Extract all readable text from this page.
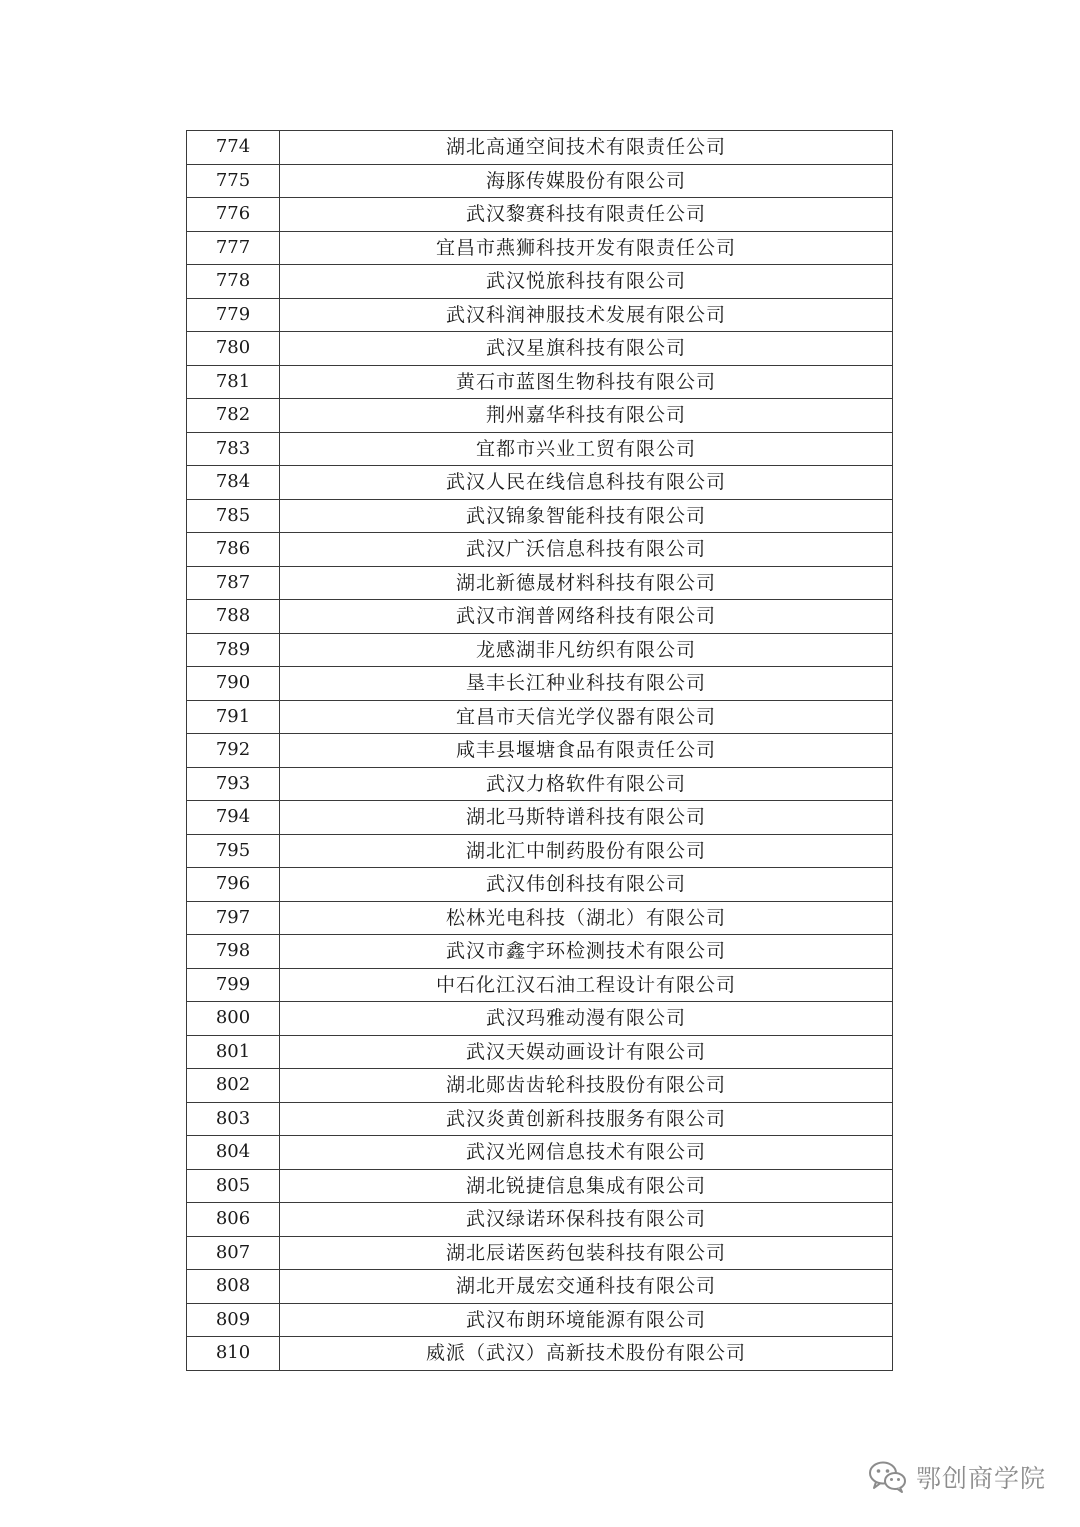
774	湖北高通空间技术有限责任公司
775	海豚传媒股份有限公司
776	武汉黎赛科技有限责任公司
777	宜昌市燕狮科技开发有限责任公司
778	武汉悦旅科技有限公司
779	武汉科润神服技术发展有限公司
780	武汉星旗科技有限公司
781	黄石市蓝图生物科技有限公司
782	荆州嘉华科技有限公司
783	宜都市兴业工贸有限公司
784	武汉人民在线信息科技有限公司
785	武汉锦象智能科技有限公司
786	武汉广沃信息科技有限公司
787	湖北新德晟材料科技有限公司
788	武汉市润普网络科技有限公司
789	龙感湖非凡纺织有限公司
790	垦丰长江种业科技有限公司
791	宜昌市天信光学仪器有限公司
792	咸丰县堰塘食品有限责任公司
793	武汉力格软件有限公司
794	湖北马斯特谱科技有限公司
795	湖北汇中制药股份有限公司
796	武汉伟创科技有限公司
797	松林光电科技（湖北）有限公司
798	武汉市鑫宇环检测技术有限公司
799	中石化江汉石油工程设计有限公司
800	武汉玛雅动漫有限公司
801	武汉天娱动画设计有限公司
802	湖北郧齿齿轮科技股份有限公司
803	武汉炎黄创新科技服务有限公司
804	武汉光网信息技术有限公司
805	湖北锐捷信息集成有限公司
806	武汉绿诺环保科技有限公司
807	湖北辰诺医药包装科技有限公司
808	湖北开晟宏交通科技有限公司
809	武汉布朗环境能源有限公司
810	威派（武汉）高新技术股份有限公司
鄂创商学院
